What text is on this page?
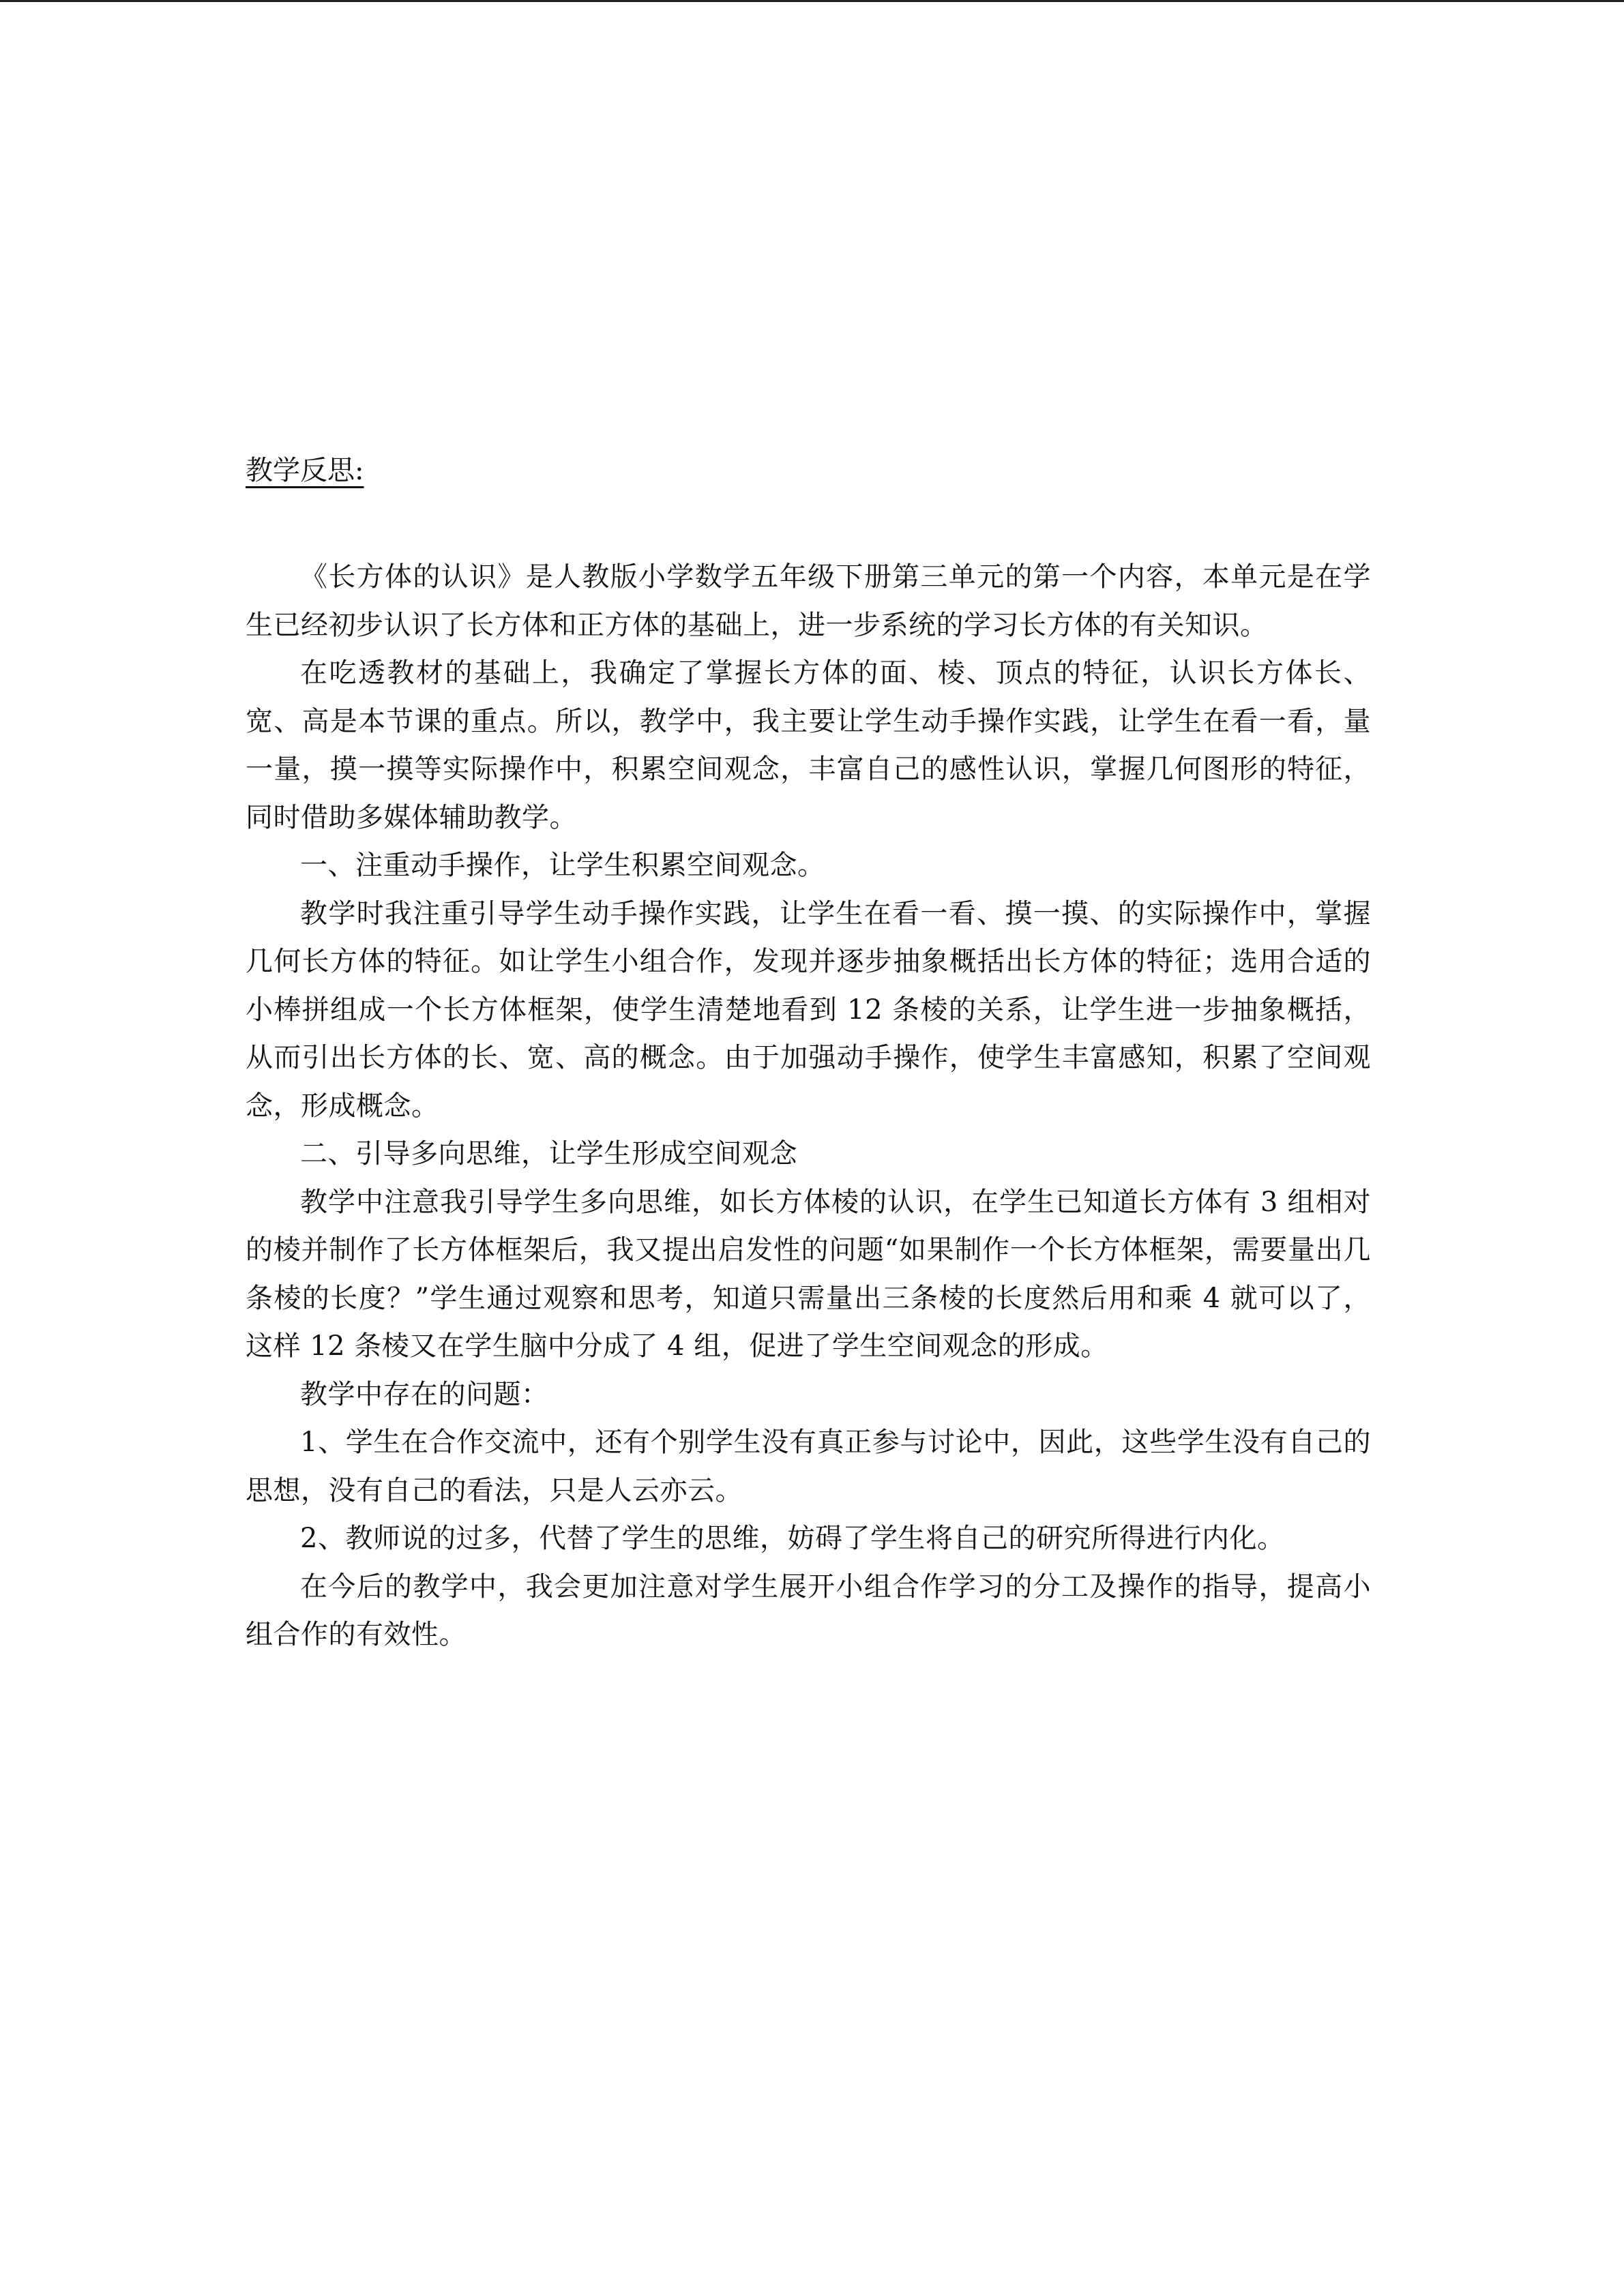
教学反思:

《长方体的认识》是人教版小学数学五年级下册第三单元的第一个内容，本单元是在学生已经初步认识了长方体和正方体的基础上，进一步系统的学习长方体的有关知识。

在吃透教材的基础上，我确定了掌握长方体的面、棱、顶点的特征，认识长方体长、宽、高是本节课的重点。所以，教学中，我主要让学生动手操作实践，让学生在看一看，量一量，摸一摸等实际操作中，积累空间观念，丰富自己的感性认识，掌握几何图形的特征，同时借助多媒体辅助教学。

一、注重动手操作，让学生积累空间观念。

教学时我注重引导学生动手操作实践，让学生在看一看、摸一摸、的实际操作中，掌握几何长方体的特征。如让学生小组合作，发现并逐步抽象概括出长方体的特征；选用合适的小棒拼组成一个长方体框架，使学生清楚地看到 12 条棱的关系，让学生进一步抽象概括，从而引出长方体的长、宽、高的概念。由于加强动手操作，使学生丰富感知，积累了空间观念，形成概念。

二、引导多向思维，让学生形成空间观念

教学中注意我引导学生多向思维，如长方体棱的认识，在学生已知道长方体有 3 组相对的棱并制作了长方体框架后，我又提出启发性的问题“如果制作一个长方体框架，需要量出几条棱的长度？”学生通过观察和思考，知道只需量出三条棱的长度然后用和乘 4 就可以了，这样 12 条棱又在学生脑中分成了 4 组，促进了学生空间观念的形成。

教学中存在的问题：

1、学生在合作交流中，还有个别学生没有真正参与讨论中，因此，这些学生没有自己的思想，没有自己的看法，只是人云亦云。

2、教师说的过多，代替了学生的思维，妨碍了学生将自己的研究所得进行内化。

在今后的教学中，我会更加注意对学生展开小组合作学习的分工及操作的指导，提高小组合作的有效性。
